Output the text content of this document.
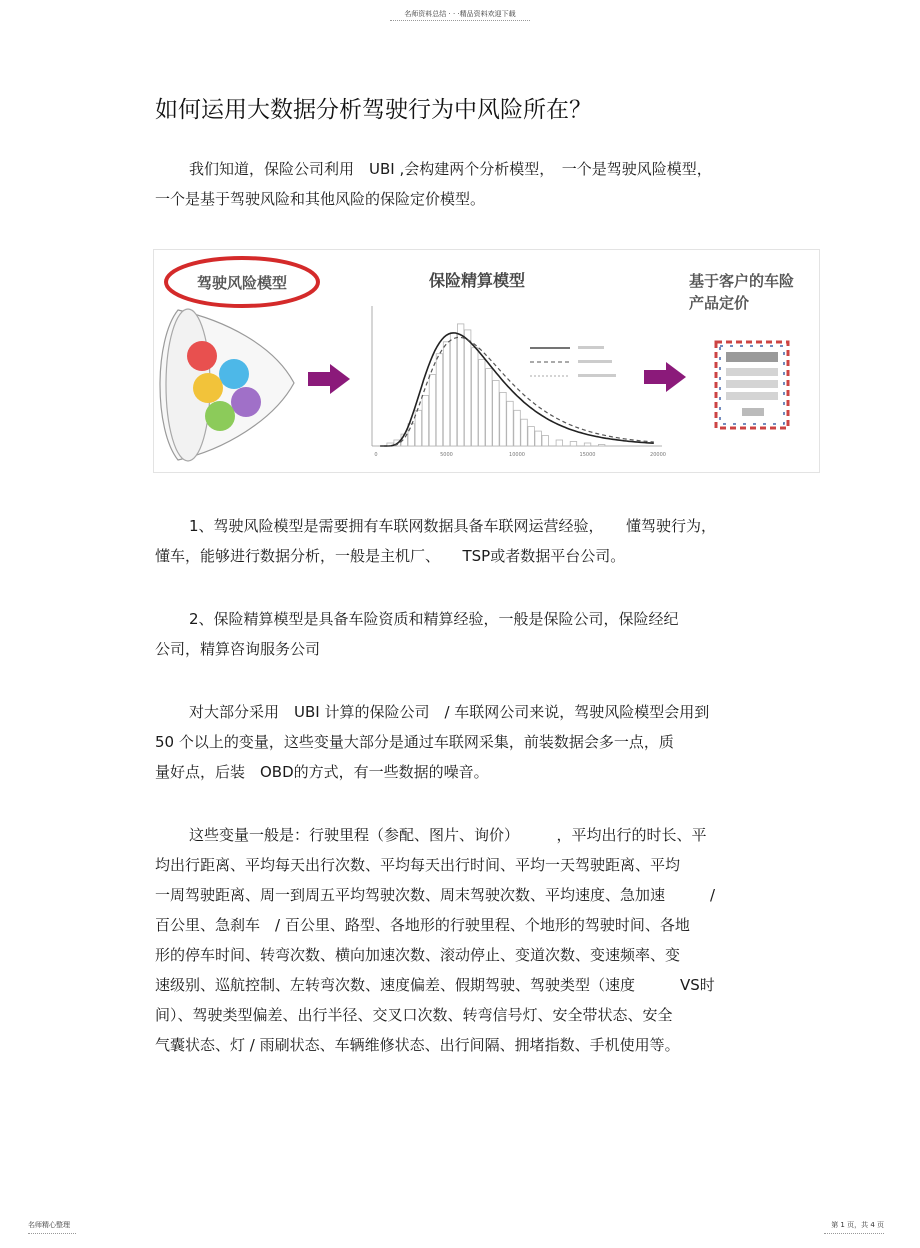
名师资料总结 · · ·精品资料欢迎下载
如何运用大数据分析驾驶行为中风险所在？
我们知道，保险公司利用　UBI ,会构建两个分析模型，　一个是驾驶风险模型，
一个是基于驾驶风险和其他风险的保险定价模型。
驾驶风险模型	保险精算模型
0	5000	10000	15000	20000
基于客户的车险
产品定价
1、驾驶风险模型是需要拥有车联网数据具备车联网运营经验，　　懂驾驶行为，
懂车，能够进行数据分析，一般是主机厂、　　TSP或者数据平台公司。
2、保险精算模型是具备车险资质和精算经验，一般是保险公司，保险经纪
公司，精算咨询服务公司
对大部分采用　UBI 计算的保险公司　/ 车联网公司来说，驾驶风险模型会用到
50 个以上的变量，这些变量大部分是通过车联网采集，前装数据会多一点，质
量好点，后装　OBD的方式，有一些数据的噪音。
这些变量一般是：行驶里程（参配、图片、询价）　　　，平均出行的时长、平
均出行距离、平均每天出行次数、平均每天出行时间、平均一天驾驶距离、平均
一周驾驶距离、周一到周五平均驾驶次数、周末驾驶次数、平均速度、急加速　　　/
百公里、急刹车　/ 百公里、路型、各地形的行驶里程、个地形的驾驶时间、各地
形的停车时间、转弯次数、横向加速次数、滚动停止、变道次数、变速频率、变
速级别、巡航控制、左转弯次数、速度偏差、假期驾驶、驾驶类型（速度　　　VS时
间）、驾驶类型偏差、出行半径、交叉口次数、转弯信号灯、安全带状态、安全
气囊状态、灯 / 雨刷状态、车辆维修状态、出行间隔、拥堵指数、手机使用等。
名师精心整理	第 1 页，共 4 页
